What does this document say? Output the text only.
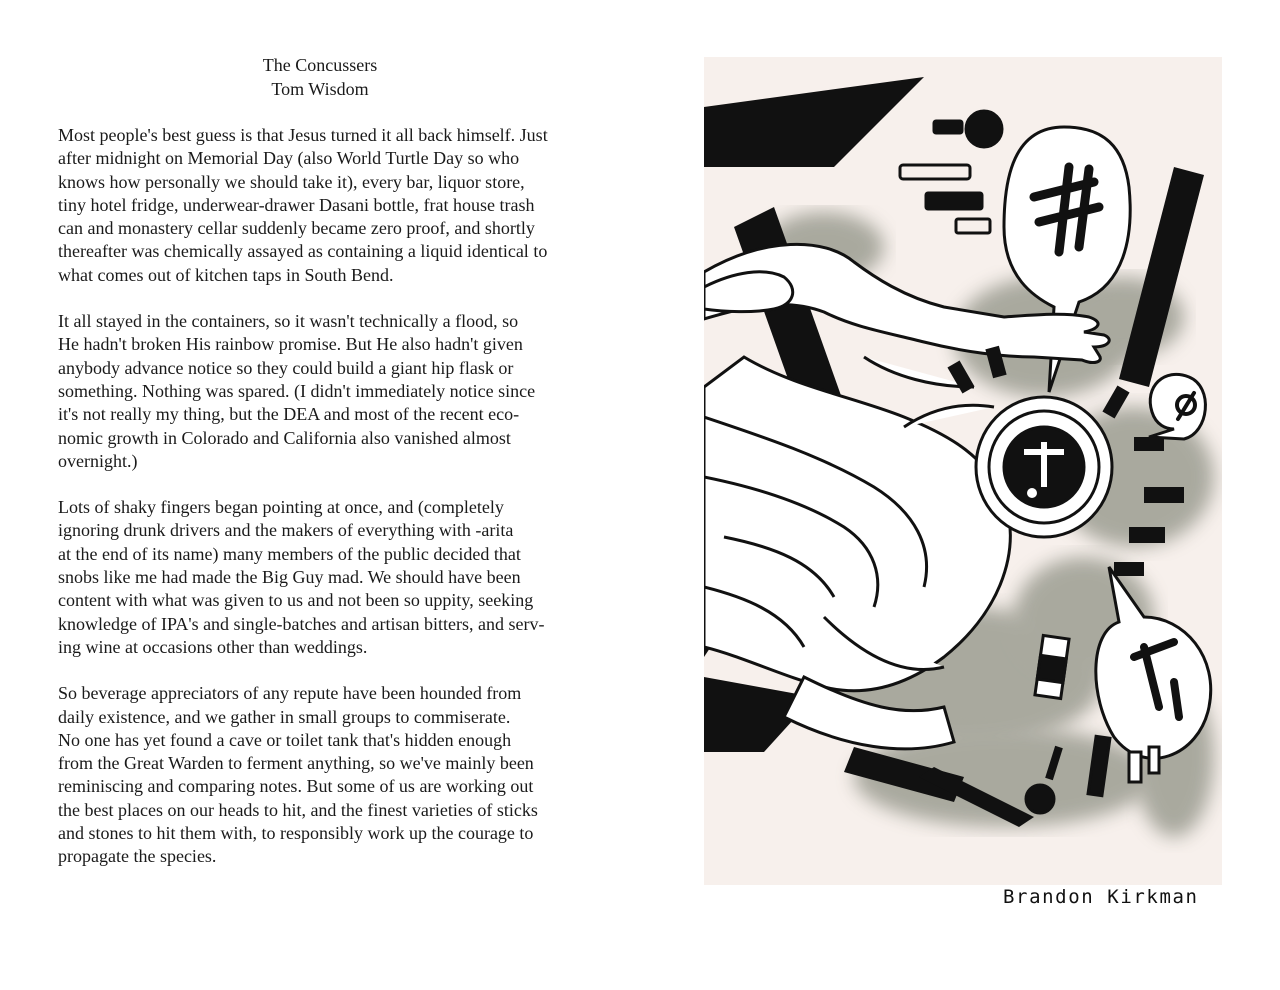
The Concussers
Tom Wisdom
Most people's best guess is that Jesus turned it all back himself. Just
after midnight on Memorial Day (also World Turtle Day so who
knows how personally we should take it), every bar, liquor store,
tiny hotel fridge, underwear-drawer Dasani bottle, frat house trash
can and monastery cellar suddenly became zero proof, and shortly
thereafter was chemically assayed as containing a liquid identical to
what comes out of kitchen taps in South Bend.
It all stayed in the containers, so it wasn't technically a flood, so
He hadn't broken His rainbow promise. But He also hadn't given
anybody advance notice so they could build a giant hip flask or
something. Nothing was spared. (I didn't immediately notice since
it's not really my thing, but the DEA and most of the recent eco-
nomic growth in Colorado and California also vanished almost
overnight.)
Lots of shaky fingers began pointing at once, and (completely
ignoring drunk drivers and the makers of everything with -arita
at the end of its name) many members of the public decided that
snobs like me had made the Big Guy mad. We should have been
content with what was given to us and not been so uppity, seeking
knowledge of IPA's and single-batches and artisan bitters, and serv-
ing wine at occasions other than weddings.
So beverage appreciators of any repute have been hounded from
daily existence, and we gather in small groups to commiserate.
No one has yet found a cave or toilet tank that's hidden enough
from the Great Warden to ferment anything, so we've mainly been
reminiscing and comparing notes. But some of us are working out
the best places on our heads to hit, and the finest varieties of sticks
and stones to hit them with, to responsibly work up the courage to
propagate the species.
Brandon Kirkman
